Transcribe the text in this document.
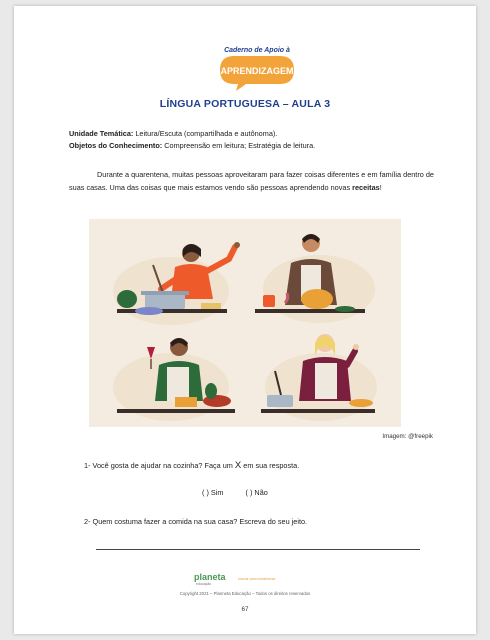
Caderno de Apoio à
APRENDIZAGEM
LÍNGUA PORTUGUESA – AULA 3
Unidade Temática: Leitura/Escuta (compartilhada e autônoma).
Objetos do Conhecimento: Compreensão em leitura; Estratégia de leitura.
Durante a quarentena, muitas pessoas aproveitaram para fazer coisas diferentes e em família dentro de suas casas. Uma das coisas que mais estamos vendo são pessoas aprendendo novas receitas!
Imagem: @freepik
1- Você gosta de ajudar na cozinha? Faça um X em sua resposta.
( ) Sim	( ) Não
2- Quem costuma fazer a comida na sua casa? Escreva do seu jeito.
planeta
educação
educar para transformar
Copyright 2021 – Planneta Educação – Todos os direitos reservados
67
